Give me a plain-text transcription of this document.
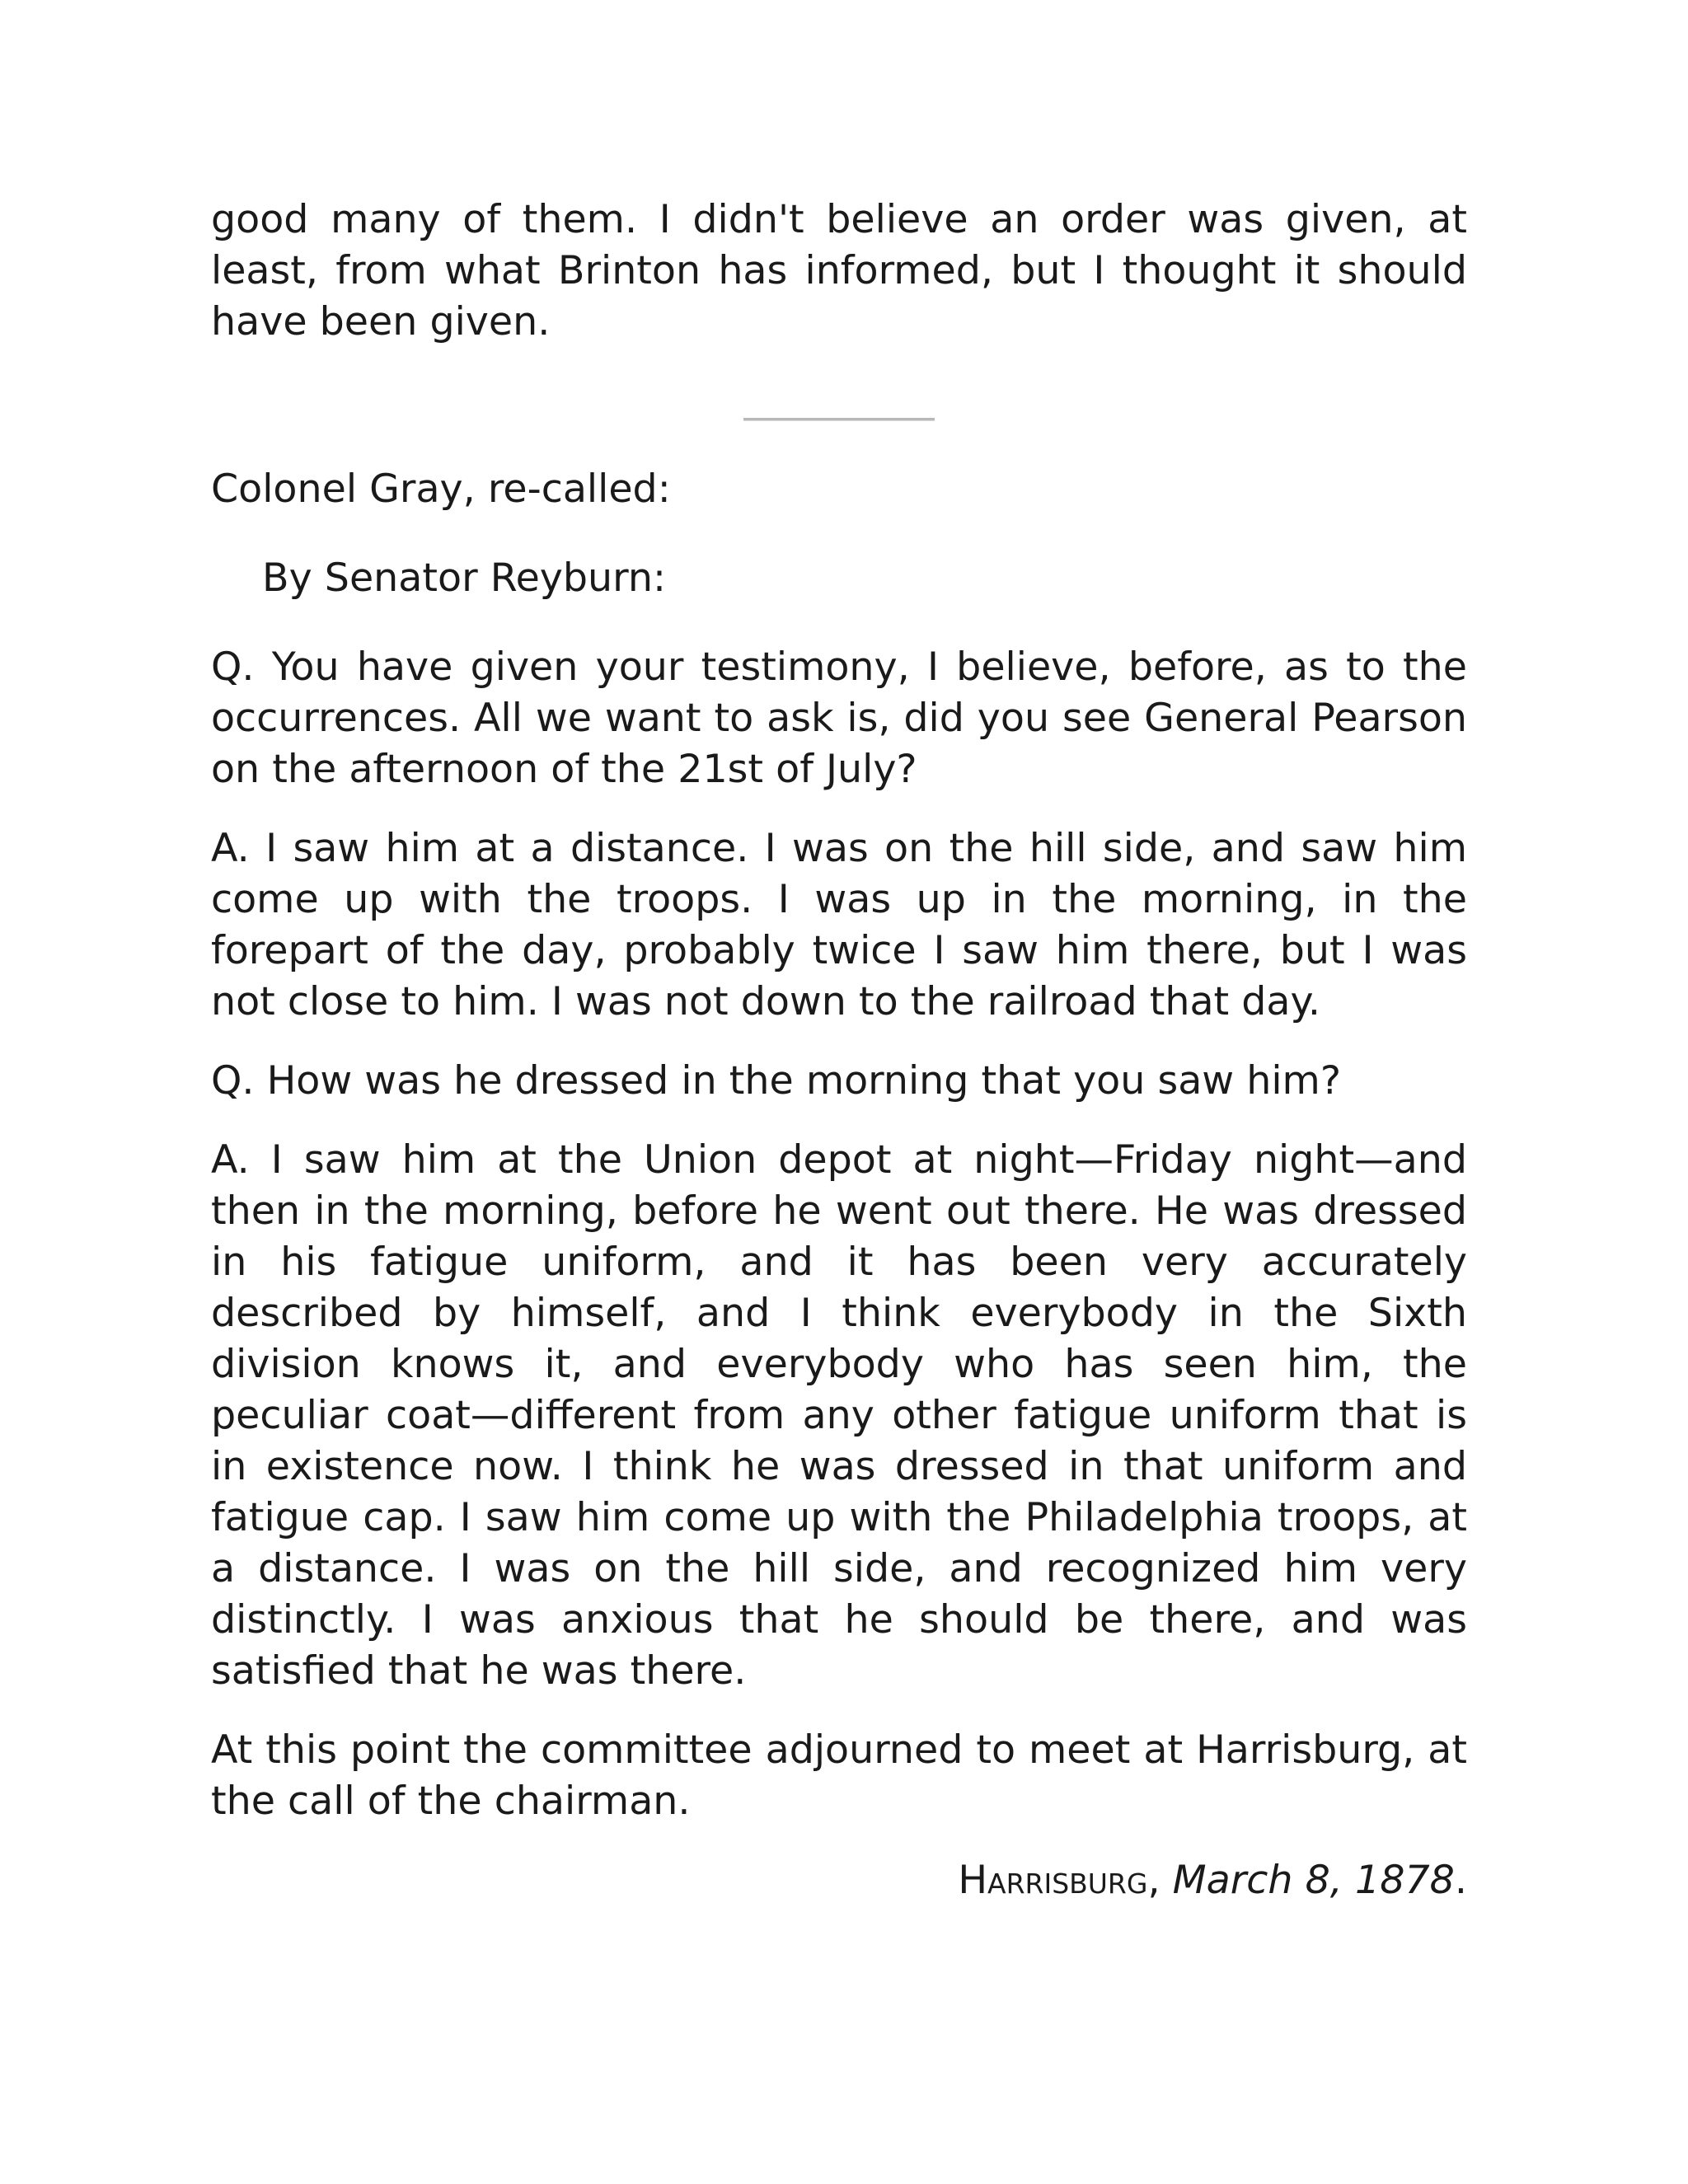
good many of them. I didn't believe an order was given, at least, from what Brinton has informed, but I thought it should have been given.

Colonel Gray, re-called:

By Senator Reyburn:

Q. You have given your testimony, I believe, before, as to the occurrences. All we want to ask is, did you see General Pearson on the afternoon of the 21st of July?

A. I saw him at a distance. I was on the hill side, and saw him come up with the troops. I was up in the morning, in the forepart of the day, probably twice I saw him there, but I was not close to him. I was not down to the railroad that day.

Q. How was he dressed in the morning that you saw him?

A. I saw him at the Union depot at night—Friday night—and then in the morning, before he went out there. He was dressed in his fatigue uniform, and it has been very accurately described by himself, and I think everybody in the Sixth division knows it, and everybody who has seen him, the peculiar coat—different from any other fatigue uniform that is in existence now. I think he was dressed in that uniform and fatigue cap. I saw him come up with the Philadelphia troops, at a distance. I was on the hill side, and recognized him very distinctly. I was anxious that he should be there, and was satisfied that he was there.

At this point the committee adjourned to meet at Harrisburg, at the call of the chairman.

Harrisburg, March 8, 1878.
